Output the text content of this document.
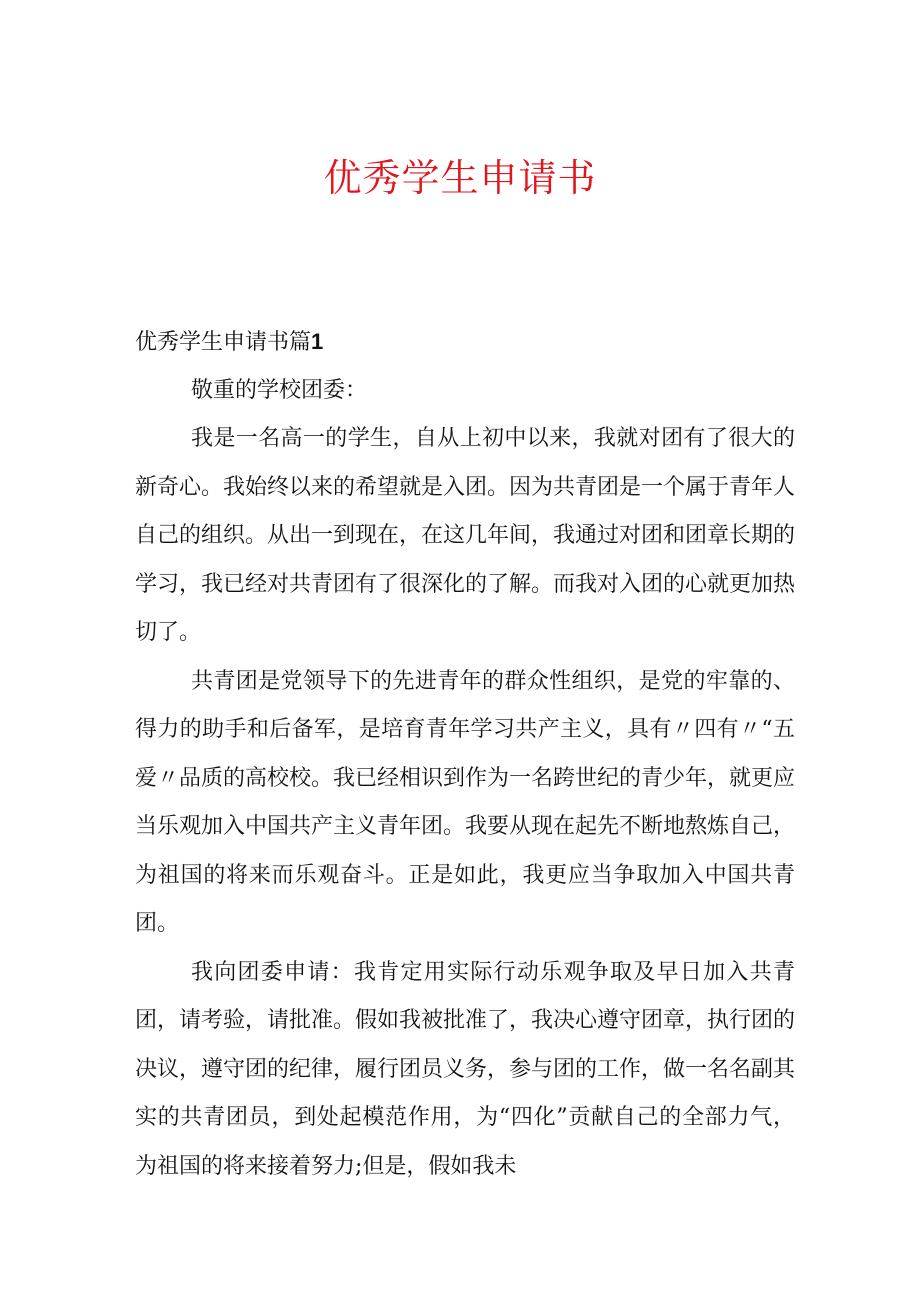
优秀学生申请书

优秀学生申请书篇1

敬重的学校团委：

我是一名高一的学生，自从上初中以来，我就对团有了很大的新奇心。我始终以来的希望就是入团。因为共青团是一个属于青年人自己的组织。从出一到现在，在这几年间，我通过对团和团章长期的学习，我已经对共青团有了很深化的了解。而我对入团的心就更加热切了。

共青团是党领导下的先进青年的群众性组织，是党的牢靠的、得力的助手和后备军，是培育青年学习共产主义，具有〃四有〃“五爱〃品质的高校校。我已经相识到作为一名跨世纪的青少年，就更应当乐观加入中国共产主义青年团。我要从现在起先不断地熬炼自己，为祖国的将来而乐观奋斗。正是如此，我更应当争取加入中国共青团。

我向团委申请：我肯定用实际行动乐观争取及早日加入共青团，请考验，请批准。假如我被批准了，我决心遵守团章，执行团的决议，遵守团的纪律，履行团员义务，参与团的工作，做一名名副其实的共青团员，到处起模范作用，为“四化”贡献自己的全部力气，为祖国的将来接着努力;但是，假如我未
